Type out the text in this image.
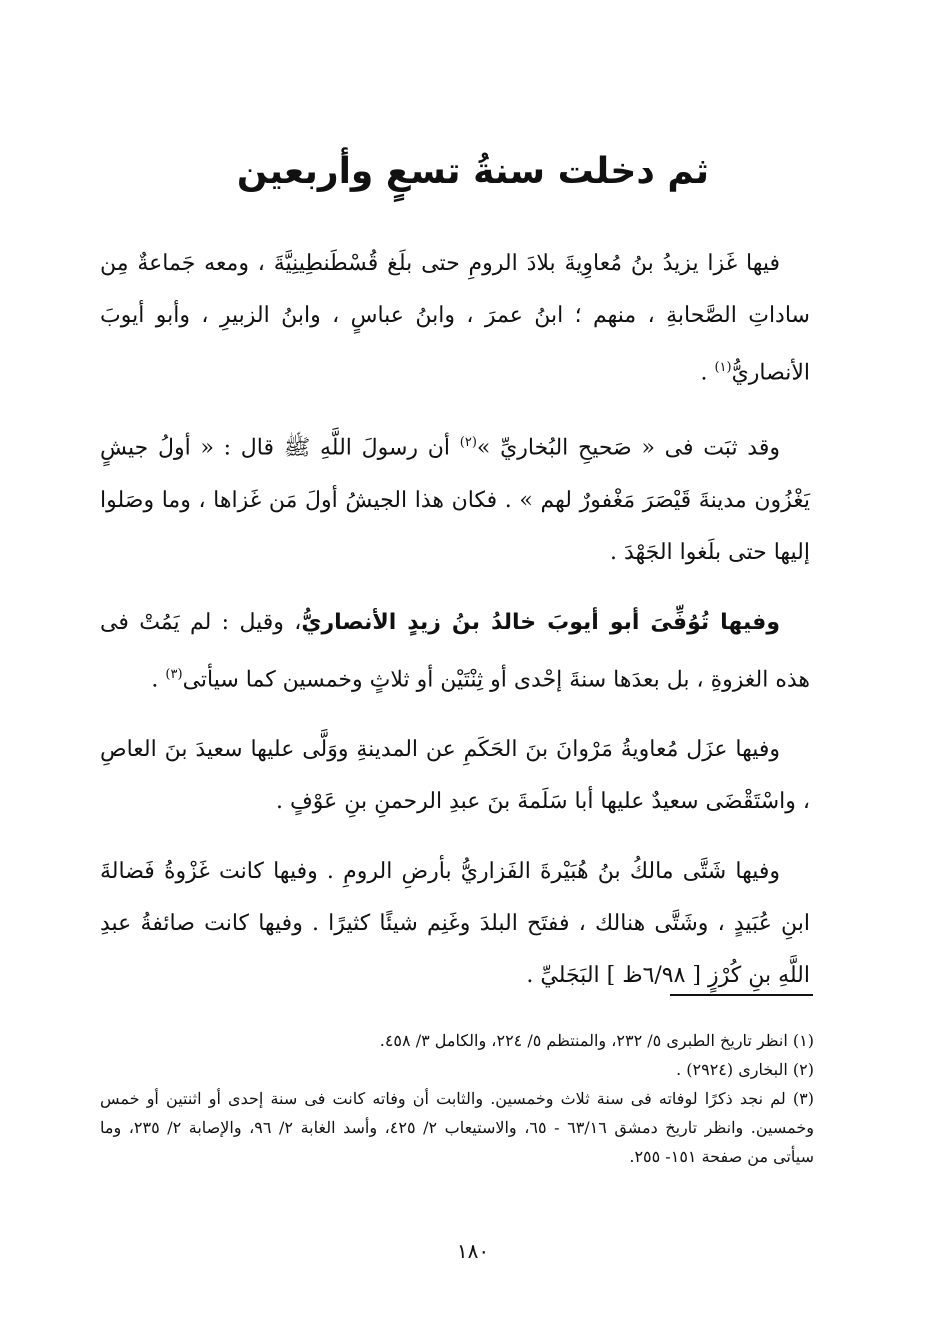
ثم دخلت سنةُ تسعٍ وأربعين

فيها غَزا يزيدُ بنُ مُعاوِيةَ بلادَ الرومِ حتى بلَغ قُسْطَنطِينِيَّةَ ، ومعه جَماعةٌ مِن ساداتِ الصَّحابةِ ، منهم ؛ ابنُ عمرَ ، وابنُ عباسٍ ، وابنُ الزبيرِ ، وأبو أيوبَ الأنصاريُّ$^{(١)}$ .

وقد ثبَت فى « صَحيحِ البُخاريِّ »$^{(٢)}$ أن رسولَ اللَّهِ ﷺ قال : « أولُ جيشٍ يَغْزُون مدينةَ قَيْصَرَ مَغْفورٌ لهم » . فكان هذا الجيشُ أولَ مَن غَزاها ، وما وصَلوا إليها حتى بلَغوا الجَهْدَ .

وفيها تُوُفِّىَ أبو أيوبَ خالدُ بنُ زيدٍ الأنصاريُّ، وقيل : لم يَمُتْ فى هذه الغزوةِ ، بل بعدَها سنةَ إحْدى أو ثِنْتَيْن أو ثلاثٍ وخمسين كما سيأتى$^{(٣)}$ .

وفيها عزَل مُعاويةُ مَرْوانَ بنَ الحَكَمِ عن المدينةِ ووَلَّى عليها سعيدَ بنَ العاصِ ، واسْتَقْضَى سعيدٌ عليها أبا سَلَمةَ بنَ عبدِ الرحمنِ بنِ عَوْفٍ .

وفيها شَتَّى مالكُ بنُ هُبَيْرةَ الفَزاريُّ بأرضِ الرومِ . وفيها كانت غَزْوةُ فَضالةَ ابنِ عُبَيدٍ ، وشَتَّى هنالك ، ففتَح البلدَ وغَنِم شيئًا كثيرًا . وفيها كانت صائفةُ عبدِ اللَّهِ بنِ كُرْزٍ [ ٦/٩٨ظ ] البَجَليِّ .

(١) انظر تاريخ الطبرى ٥/ ٢٣٢، والمنتظم ٥/ ٢٢٤، والكامل ٣/ ٤٥٨.

(٢) البخارى (٢٩٢٤) .

(٣) لم نجد ذكرًا لوفاته فى سنة ثلاث وخمسين. والثابت أن وفاته كانت فى سنة إحدى أو اثنتين أو خمس وخمسين. وانظر تاريخ دمشق ٦٣/١٦ - ٦٥، والاستيعاب ٢/ ٤٢٥، وأسد الغابة ٢/ ٩٦، والإصابة ٢/ ٢٣٥، وما سيأتى من صفحة ١٥١- ٢٥٥.

١٨٠
